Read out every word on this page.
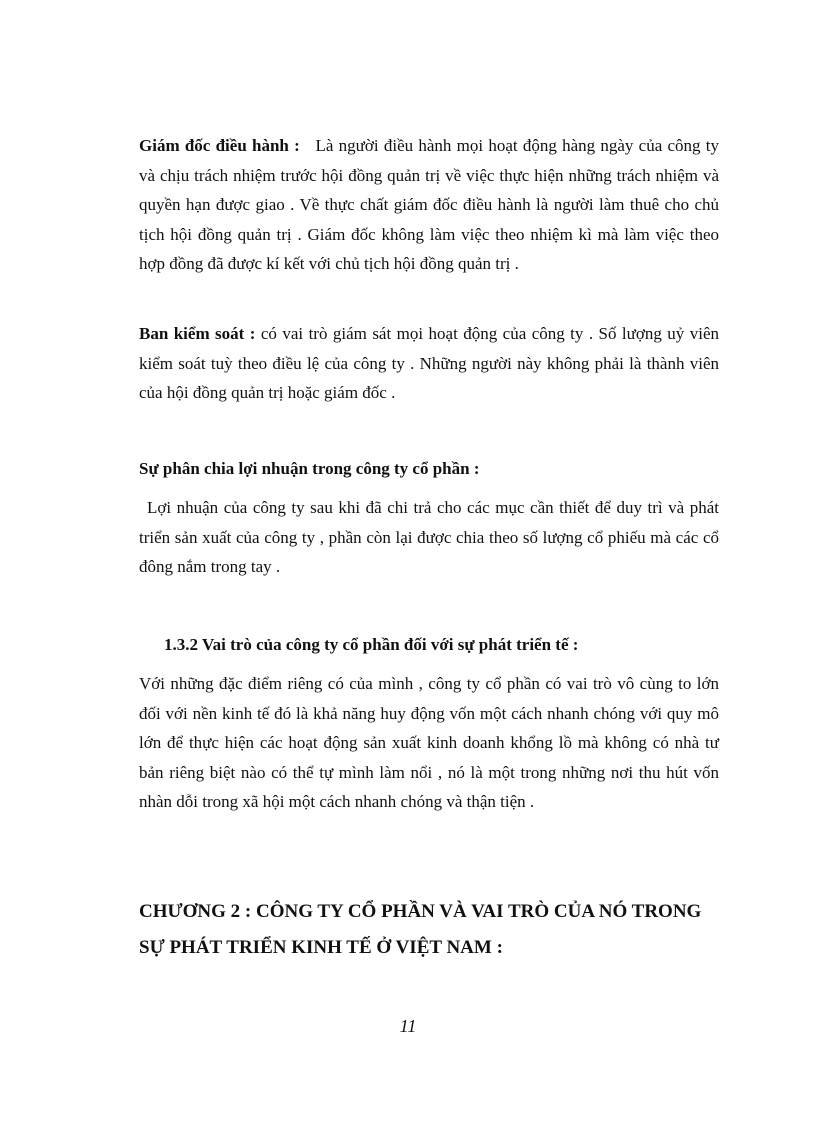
Giám đốc điều hành : Là người điều hành mọi hoạt động hàng ngày của công ty và chịu trách nhiệm trước hội đồng quản trị về việc thực hiện những trách nhiệm và quyền hạn được giao . Về thực chất giám đốc điều hành là người làm thuê cho chủ tịch hội đồng quản trị . Giám đốc không làm việc theo nhiệm kì mà làm việc theo hợp đồng đã được kí kết với chủ tịch hội đồng quản trị .

Ban kiểm soát : có vai trò giám sát mọi hoạt động của công ty . Số lượng uỷ viên kiểm soát tuỳ theo điều lệ của công ty . Những người này không phải là thành viên của hội đồng quản trị hoặc giám đốc .

Sự phân chia lợi nhuận trong công ty cổ phần :

Lợi nhuận của công ty sau khi đã chi trả cho các mục cần thiết để duy trì và phát triển sản xuất của công ty , phần còn lại được chia theo số lượng cổ phiếu mà các cổ đông nắm trong tay .

1.3.2 Vai trò của công ty cổ phần đối với sự phát triển tế :

Với những đặc điểm riêng có của mình , công ty cổ phần có vai trò vô cùng to lớn đối với nền kinh tế đó là khả năng huy động vốn một cách nhanh chóng với quy mô lớn để thực hiện các hoạt động sản xuất kinh doanh khổng lồ mà không có nhà tư bản riêng biệt nào có thể tự mình làm nổi , nó là một trong những nơi thu hút vốn nhàn dỗi trong xã hội một cách nhanh chóng và thận tiện .

CHƯƠNG 2 : CÔNG TY CỔ PHẦN VÀ VAI TRÒ CỦA NÓ TRONG SỰ PHÁT TRIỂN KINH TẾ Ở VIỆT NAM :
11
